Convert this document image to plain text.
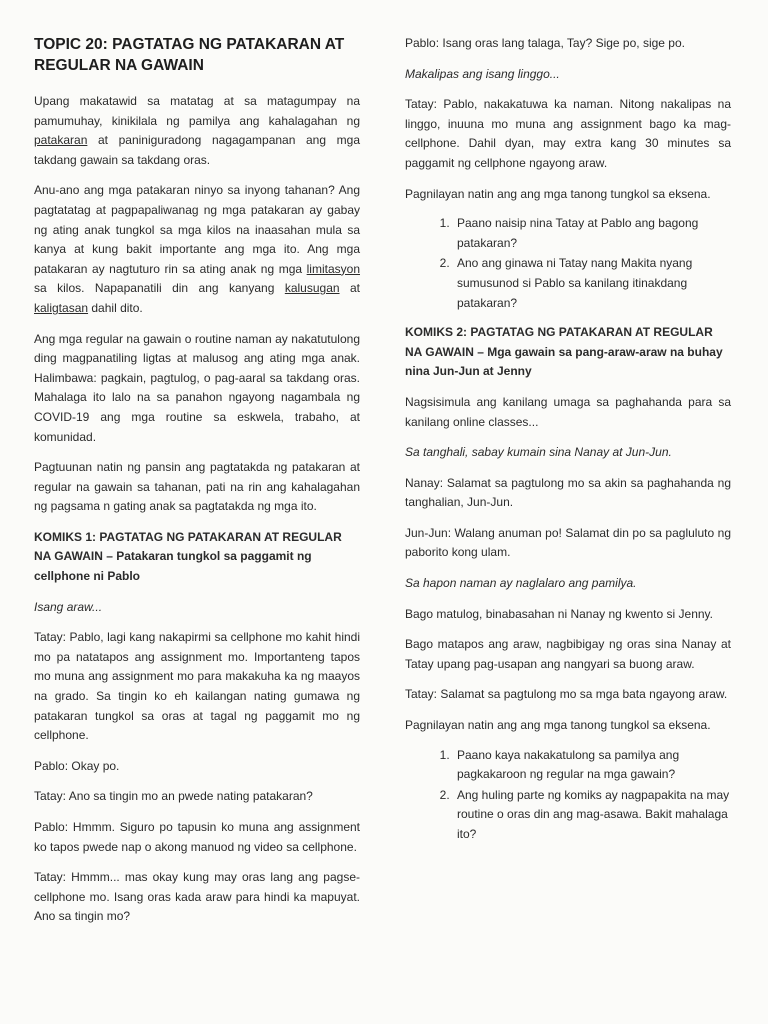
TOPIC 20: PAGTATAG NG PATAKARAN AT REGULAR NA GAWAIN

Upang makatawid sa matatag at sa matagumpay na pamumuhay, kinikilala ng pamilya ang kahalagahan ng patakaran at paniniguradong nagagampanan ang mga takdang gawain sa takdang oras.

Anu-ano ang mga patakaran ninyo sa inyong tahanan? Ang pagtatatag at pagpapaliwanag ng mga patakaran ay gabay ng ating anak tungkol sa mga kilos na inaasahan mula sa kanya at kung bakit importante ang mga ito. Ang mga patakaran ay nagtuturo rin sa ating anak ng mga limitasyon sa kilos. Napapanatili din ang kanyang kalusugan at kaligtasan dahil dito.

Ang mga regular na gawain o routine naman ay nakatutulong ding magpanatiling ligtas at malusog ang ating mga anak. Halimbawa: pagkain, pagtulog, o pag-aaral sa takdang oras. Mahalaga ito lalo na sa panahon ngayong nagambala ng COVID-19 ang mga routine sa eskwela, trabaho, at komunidad.

Pagtuunan natin ng pansin ang pagtatakda ng patakaran at regular na gawain sa tahanan, pati na rin ang kahalagahan ng pagsama n gating anak sa pagtatakda ng mga ito.

KOMIKS 1: PAGTATAG NG PATAKARAN AT REGULAR NA GAWAIN – Patakaran tungkol sa paggamit ng cellphone ni Pablo

Isang araw...

Tatay: Pablo, lagi kang nakapirmi sa cellphone mo kahit hindi mo pa natatapos ang assignment mo. Importanteng tapos mo muna ang assignment mo para makakuha ka ng maayos na grado. Sa tingin ko eh kailangan nating gumawa ng patakaran tungkol sa oras at tagal ng paggamit mo ng cellphone.

Pablo: Okay po.

Tatay: Ano sa tingin mo an pwede nating patakaran?

Pablo: Hmmm. Siguro po tapusin ko muna ang assignment ko tapos pwede nap o akong manuod ng video sa cellphone.

Tatay: Hmmm... mas okay kung may oras lang ang pagse-cellphone mo. Isang oras kada araw para hindi ka mapuyat. Ano sa tingin mo?

Pablo: Isang oras lang talaga, Tay? Sige po, sige po.

Makalipas ang isang linggo...

Tatay: Pablo, nakakatuwa ka naman. Nitong nakalipas na linggo, inuuna mo muna ang assignment bago ka mag-cellphone. Dahil dyan, may extra kang 30 minutes sa paggamit ng cellphone ngayong araw.

Pagnilayan natin ang ang mga tanong tungkol sa eksena.

1. Paano naisip nina Tatay at Pablo ang bagong patakaran?
2. Ano ang ginawa ni Tatay nang Makita nyang sumusunod si Pablo sa kanilang itinakdang patakaran?

KOMIKS 2: PAGTATAG NG PATAKARAN AT REGULAR NA GAWAIN – Mga gawain sa pang-araw-araw na buhay nina Jun-Jun at Jenny

Nagsisimula ang kanilang umaga sa paghahanda para sa kanilang online classes...

Sa tanghali, sabay kumain sina Nanay at Jun-Jun.

Nanay: Salamat sa pagtulong mo sa akin sa paghahanda ng tanghalian, Jun-Jun.

Jun-Jun: Walang anuman po! Salamat din po sa pagluluto ng paborito kong ulam.

Sa hapon naman ay naglalaro ang pamilya.

Bago matulog, binabasahan ni Nanay ng kwento si Jenny.

Bago matapos ang araw, nagbibigay ng oras sina Nanay at Tatay upang pag-usapan ang nangyari sa buong araw.

Tatay: Salamat sa pagtulong mo sa mga bata ngayong araw.

Pagnilayan natin ang ang mga tanong tungkol sa eksena.

1. Paano kaya nakakatulong sa pamilya ang pagkakaroon ng regular na mga gawain?
2. Ang huling parte ng komiks ay nagpapakita na may routine o oras din ang mag-asawa. Bakit mahalaga ito?
